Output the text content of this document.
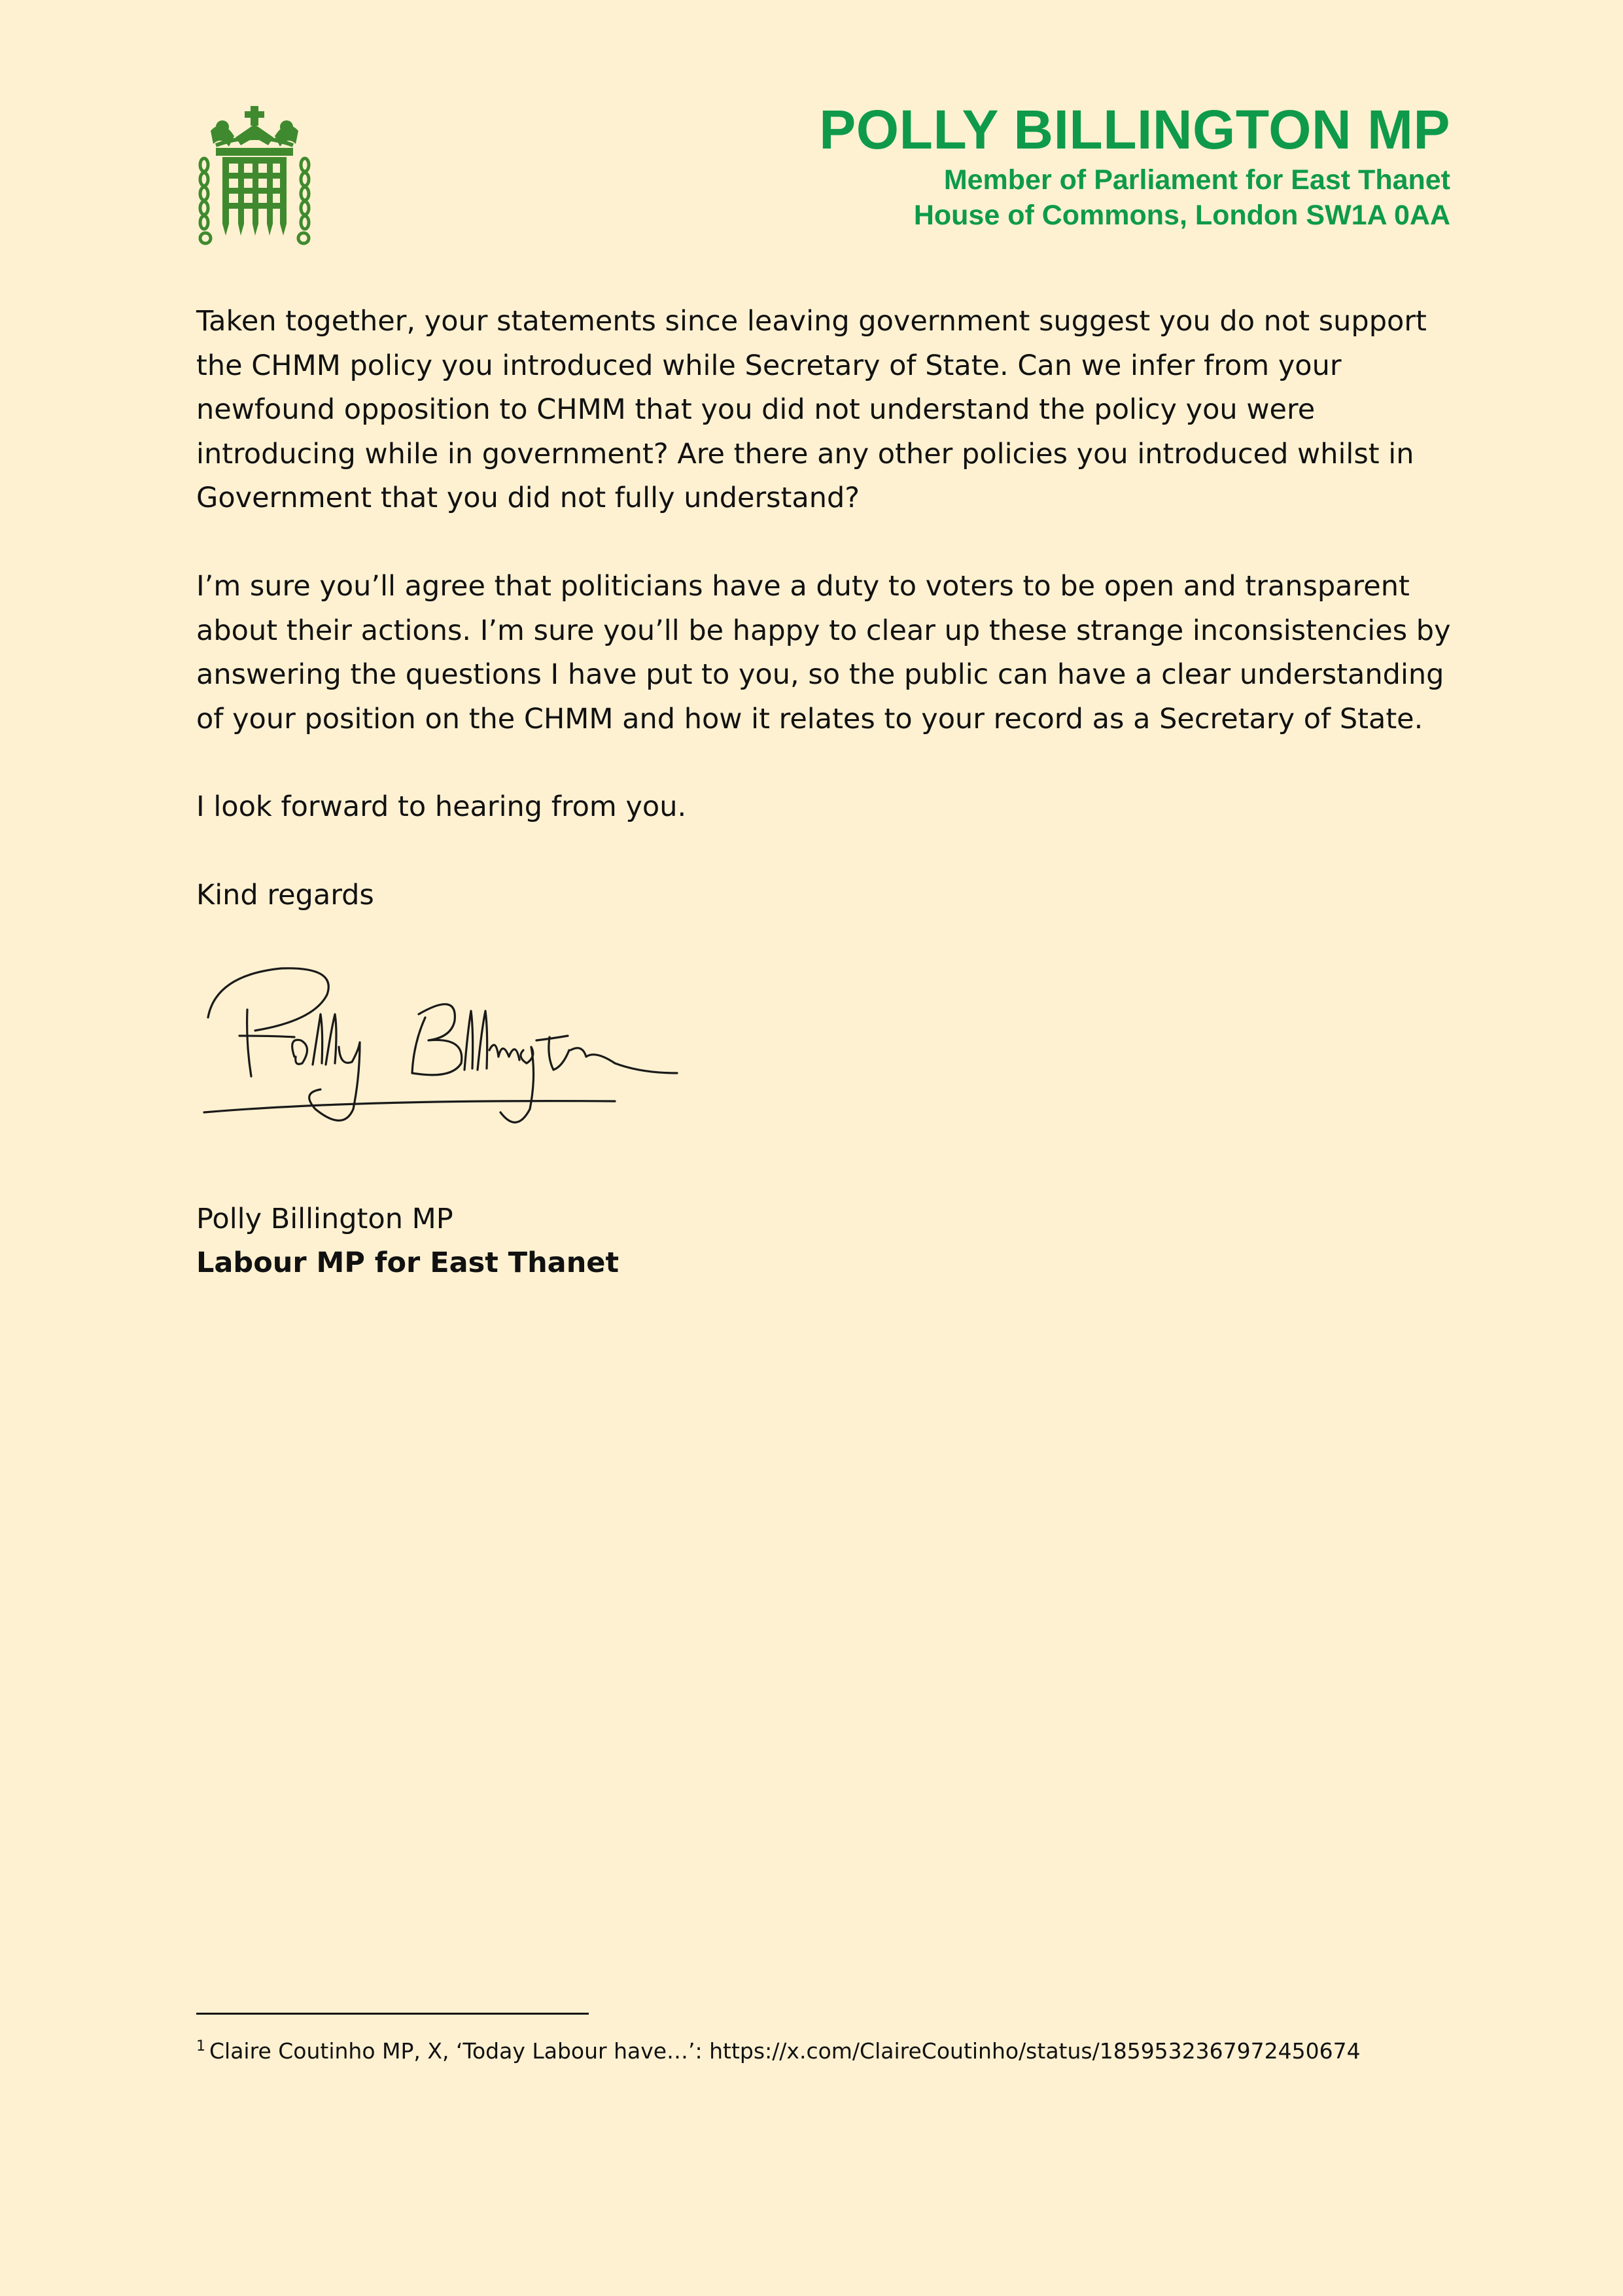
POLLY BILLINGTON MP
Member of Parliament for East Thanet
House of Commons, London SW1A 0AA

Taken together, your statements since leaving government suggest you do not support the CHMM policy you introduced while Secretary of State. Can we infer from your newfound opposition to CHMM that you did not understand the policy you were introducing while in government? Are there any other policies you introduced whilst in Government that you did not fully understand?

I’m sure you’ll agree that politicians have a duty to voters to be open and transparent about their actions. I’m sure you’ll be happy to clear up these strange inconsistencies by answering the questions I have put to you, so the public can have a clear understanding of your position on the CHMM and how it relates to your record as a Secretary of State.

I look forward to hearing from you.

Kind regards

Polly Billington MP
Labour MP for East Thanet
$^1$ Claire Coutinho MP, X, ‘Today Labour have…’: https://x.com/ClaireCoutinho/status/1859532367972450674
